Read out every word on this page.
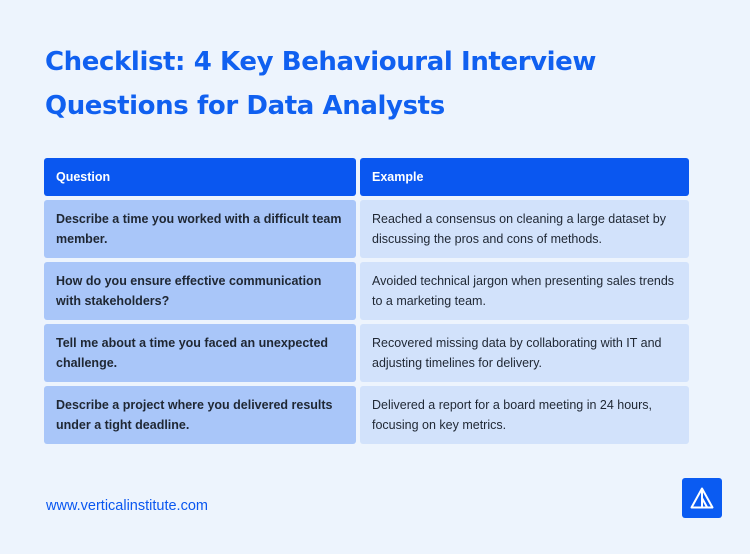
Checklist: 4 Key Behavioural Interview Questions for Data Analysts
Question	Example
Describe a time you worked with a difficult team member.
Reached a consensus on cleaning a large dataset by discussing the pros and cons of methods.
How do you ensure effective communication with stakeholders?
Avoided technical jargon when presenting sales trends to a marketing team.
Tell me about a time you faced an unexpected challenge.
Recovered missing data by collaborating with IT and adjusting timelines for delivery.
Describe a project where you delivered results under a tight deadline.
Delivered a report for a board meeting in 24 hours, focusing on key metrics.
www.verticalinstitute.com
